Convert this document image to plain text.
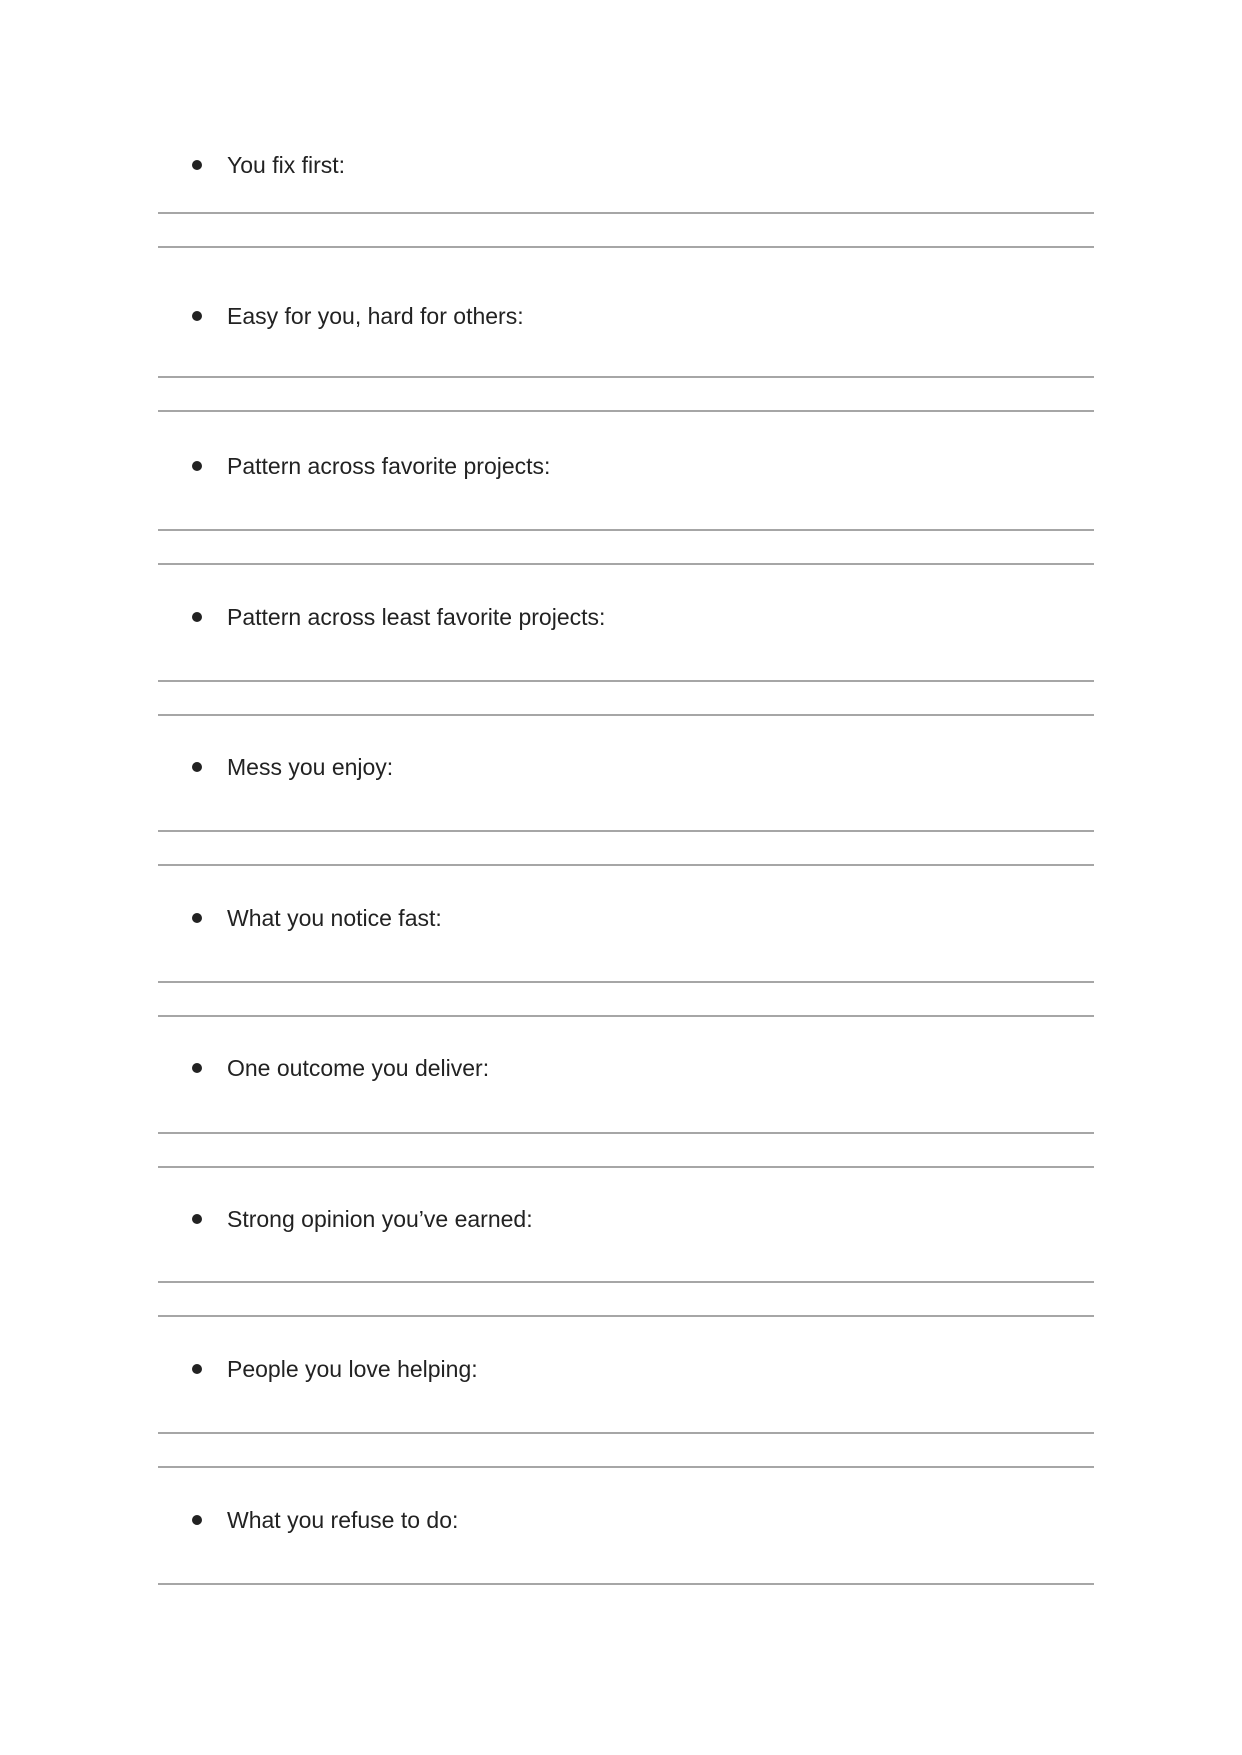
You fix first:
Easy for you, hard for others:
Pattern across favorite projects:
Pattern across least favorite projects:
Mess you enjoy:
What you notice fast:
One outcome you deliver:
Strong opinion you’ve earned:
People you love helping:
What you refuse to do:
